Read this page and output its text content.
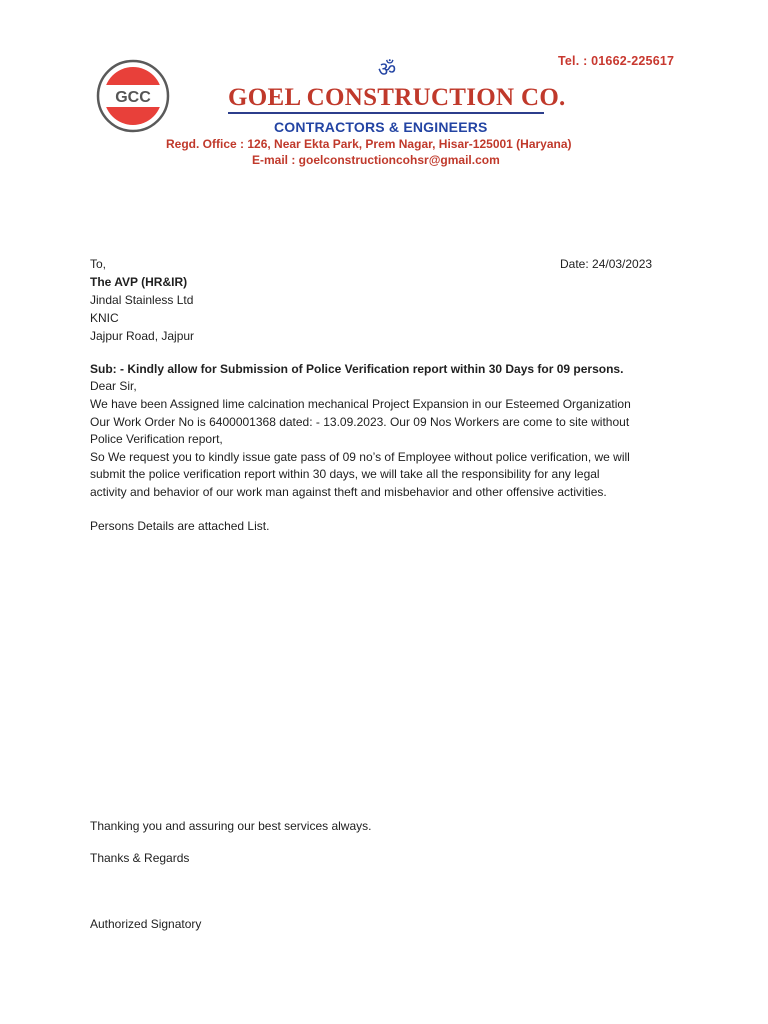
GCC
ॐ	Tel. : 01662-225617
GOEL CONSTRUCTION CO.
CONTRACTORS & ENGINEERS
Regd. Office : 126, Near Ekta Park, Prem Nagar, Hisar-125001 (Haryana)
E-mail : goelconstructioncohsr@gmail.com
To,	Date: 24/03/2023
The AVP (HR&IR)
Jindal Stainless Ltd
KNIC
Jajpur Road, Jajpur
Sub: - Kindly allow for Submission of Police Verification report within 30 Days for 09 persons.
Dear Sir,
We have been Assigned lime calcination mechanical Project Expansion in our Esteemed Organization
Our Work Order No is 6400001368 dated: - 13.09.2023. Our 09 Nos Workers are come to site without
Police Verification report,
So We request you to kindly issue gate pass of 09 no’s of Employee without police verification, we will
submit the police verification report within 30 days, we will take all the responsibility for any legal
activity and behavior of our work man against theft and misbehavior and other offensive activities.
Persons Details are attached List.
Thanking you and assuring our best services always.
Thanks & Regards
Authorized Signatory
